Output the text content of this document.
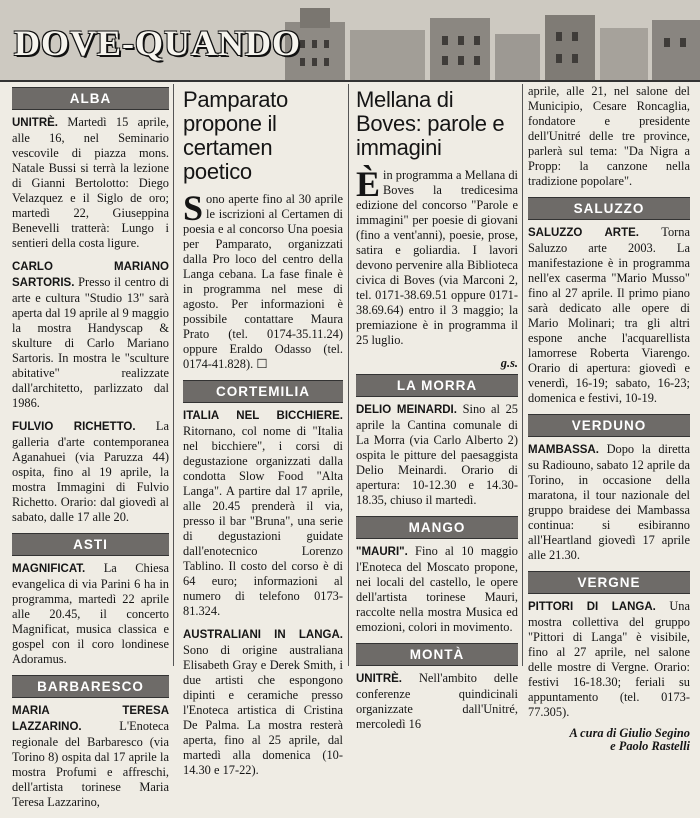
DOVE-QUANDO
ALBA

UNITRÈ. Martedì 15 aprile, alle 16, nel Seminario vescovile di piazza mons. Natale Bussi si terrà la lezione di Gianni Bertolotto: Diego Velazquez e il Siglo de oro; martedì 22, Giuseppina Benevelli tratterà: Lungo i sentieri della costa ligure.

CARLO MARIANO SARTORIS. Presso il centro di arte e cultura "Studio 13" sarà aperta dal 19 aprile al 9 maggio la mostra Handyscap & skulture di Carlo Mariano Sartoris. In mostra le "sculture abitative" realizzate dall'architetto, parlizzato dal 1986.

FULVIO RICHETTO. La galleria d'arte contemporanea Aganahuei (via Paruzza 44) ospita, fino al 19 aprile, la mostra Immagini di Fulvio Richetto. Orario: dal giovedì al sabato, dalle 17 alle 20.

ASTI

MAGNIFICAT. La Chiesa evangelica di via Parini 6 ha in programma, martedì 22 aprile alle 20.45, il concerto Magnificat, musica classica e gospel con il coro londinese Adoramus.

BARBARESCO

MARIA TERESA LAZZARINO.	L'Enoteca regionale del Barbaresco (via Torino 8) ospita dal 17 aprile la mostra Profumi e affreschi, dell'artista torinese Maria Teresa Lazzarino,

Pamparato propone il certamen poetico

Sono aperte fino al 30 aprile le iscrizioni al Certamen di poesia e al concorso Una poesia per Pamparato, organizzati dalla Pro loco del centro della Langa cebana. La fase finale è in programma nel mese di agosto. Per informazioni è possibile contattare Maura Prato (tel. 0174-35.11.24) oppure Eraldo Odasso (tel. 0174-41.828). ☐

CORTEMILIA

ITALIA NEL BICCHIERE. Ritornano, col nome di "Italia nel bicchiere", i corsi di degustazione organizzati dalla condotta Slow Food "Alta Langa". A partire dal 17 aprile, alle 20.45 prenderà il via, presso il bar "Bruna", una serie di degustazioni guidate dall'enotecnico Lorenzo Tablino. Il costo del corso è di 64 euro; informazioni al numero di telefono 0173-81.324.

AUSTRALIANI IN LANGA. Sono di origine australiana Elisabeth Gray e Derek Smith, i due artisti che espongono dipinti e ceramiche presso l'Enoteca artistica di Cristina De Palma. La mostra resterà aperta, fino al 25 aprile, dal martedì alla domenica (10-14.30 e 17-22).

Mellana di Boves: parole e immagini

Èin programma a Mellana di Boves la tredicesima edizione del concorso "Parole e immagini" per poesie di giovani (fino a vent'anni), poesie, prose, satira e goliardia. I lavori devono pervenire alla Biblioteca civica di Boves (via Marconi 2, tel. 0171-38.69.51 oppure 0171-38.69.64) entro il 3 maggio; la premiazione è in programma il 25 luglio.

g.s.
LA MORRA

DELIO MEINARDI. Sino al 25 aprile la Cantina comunale di La Morra (via Carlo Alberto 2) ospita le pitture del paesaggista Delio Meinardi. Orario di apertura: 10-12.30 e 14.30-18.35, chiuso il martedì.

MANGO

"MAURI". Fino al 10 maggio l'Enoteca del Moscato propone, nei locali del castello, le opere dell'artista torinese Mauri, raccolte nella mostra Musica ed emozioni, colori in movimento.

MONTÀ

UNITRÈ. Nell'ambito delle conferenze quindicinali organizzate dall'Unitré, mercoledì 16

aprile, alle 21, nel salone del Municipio, Cesare Roncaglia, fondatore e presidente dell'Unitré delle tre province, parlerà sul tema: "Da Nigra a Propp: la canzone nella tradizione popolare".

SALUZZO

SALUZZO ARTE. Torna Saluzzo arte 2003. La manifestazione è in programma nell'ex caserma "Mario Musso" fino al 27 aprile. Il primo piano sarà dedicato alle opere di Mario Molinari; tra gli altri espone anche l'acquarellista lamorrese Roberta Viarengo. Orario di apertura: giovedì e venerdì, 16-19; sabato, 16-23; domenica e festivi, 10-19.

VERDUNO

MAMBASSA. Dopo la diretta su Radiouno, sabato 12 aprile da Torino, in occasione della maratona, il tour nazionale del gruppo braidese dei Mambassa continua: si esibiranno all'Heartland giovedì 17 aprile alle 21.30.

VERGNE

PITTORI DI LANGA. Una mostra collettiva del gruppo "Pittori di Langa" è visibile, fino al 27 aprile, nel salone delle mostre di Vergne. Orario: festivi 16-18.30; feriali su appuntamento (tel. 0173-77.305).

A cura di Giulio Segino
e Paolo Rastelli
